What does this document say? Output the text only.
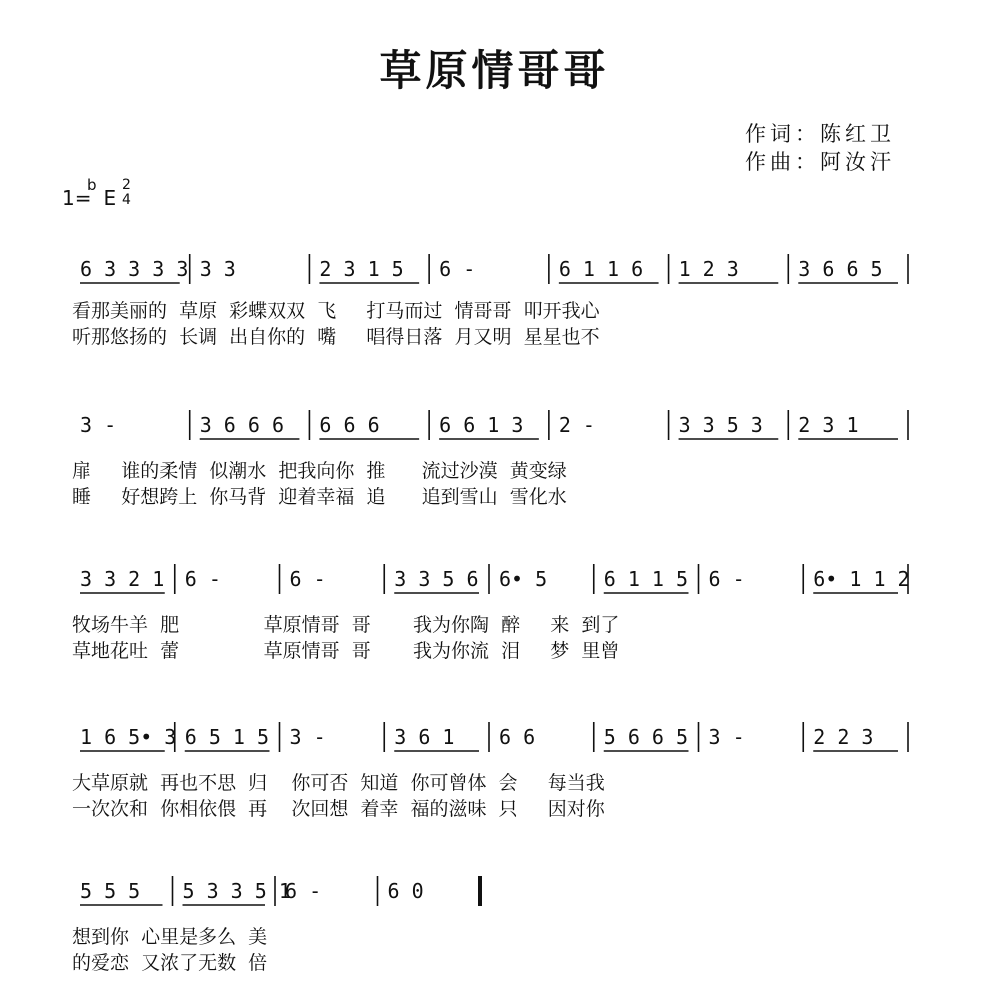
草原情哥哥
作词：陈红卫
作曲：阿汝汗
1= E
b 2
4
6 3 3 3 3 3 3	2 3 1 5 6 -	6 1 1 6 1 2 3	3 6 6 5
3 -	3 6 6 6 6 6 6	6 6 1 3 2 -	3 3 5 3 2 3 1
3 3 2 1 6 -	6 -	3 3 5 6 6• 5	6 1 1 5 6 -	6• 1 1 2
1 6 5• 3 6 5 1 5 3 -	3 6 1 6 6	5 6 6 5 3 -	2 2 3
5 5 5 5 3 3 5 1
6 -	6 0
看那美丽的  草原  彩蝶双双  飞     打马而过  情哥哥  叩开我心
听那悠扬的  长调  出自你的  嘴     唱得日落  月又明  星星也不
扉     谁的柔情  似潮水  把我向你  推      流过沙漠  黄变绿
睡     好想跨上  你马背  迎着幸福  追      追到雪山  雪化水
牧场牛羊  肥              草原情哥  哥       我为你陶  醉     来  到了
草地花吐  蕾              草原情哥  哥       我为你流  泪     梦  里曾
大草原就  再也不思  归    你可否  知道  你可曾体  会     每当我
一次次和  你相依偎  再    次回想  着幸  福的滋味  只     因对你
想到你  心里是多么  美
的爱恋  又浓了无数  倍
